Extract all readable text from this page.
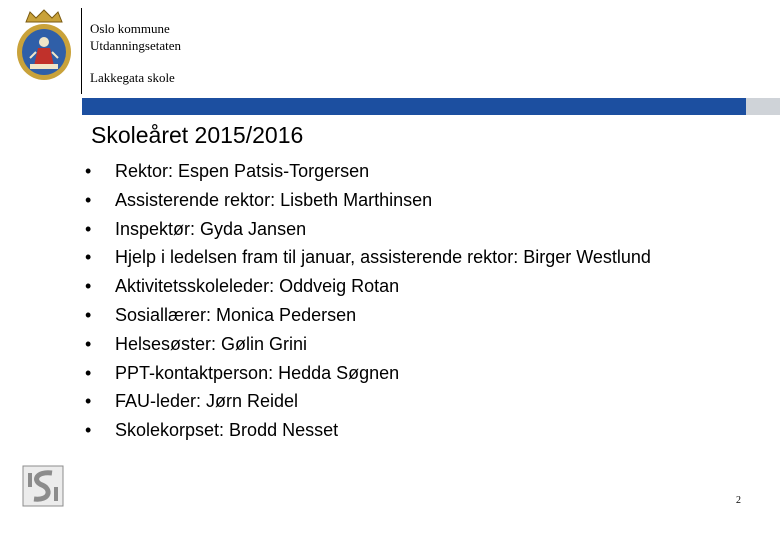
Oslo kommune
Utdanningsetaten
Lakkegata skole
Skoleåret 2015/2016
•	Rektor: Espen Patsis-Torgersen
•	Assisterende rektor: Lisbeth Marthinsen
•	Inspektør: Gyda Jansen
•	Hjelp i ledelsen fram til januar, assisterende rektor: Birger Westlund
•	Aktivitetsskoleleder: Oddveig Rotan
•	Sosiallærer: Monica Pedersen
•	Helsesøster: Gølin Grini
•	PPT-kontaktperson: Hedda Søgnen
•	FAU-leder: Jørn Reidel
•	Skolekorpset: Brodd Nesset
2
